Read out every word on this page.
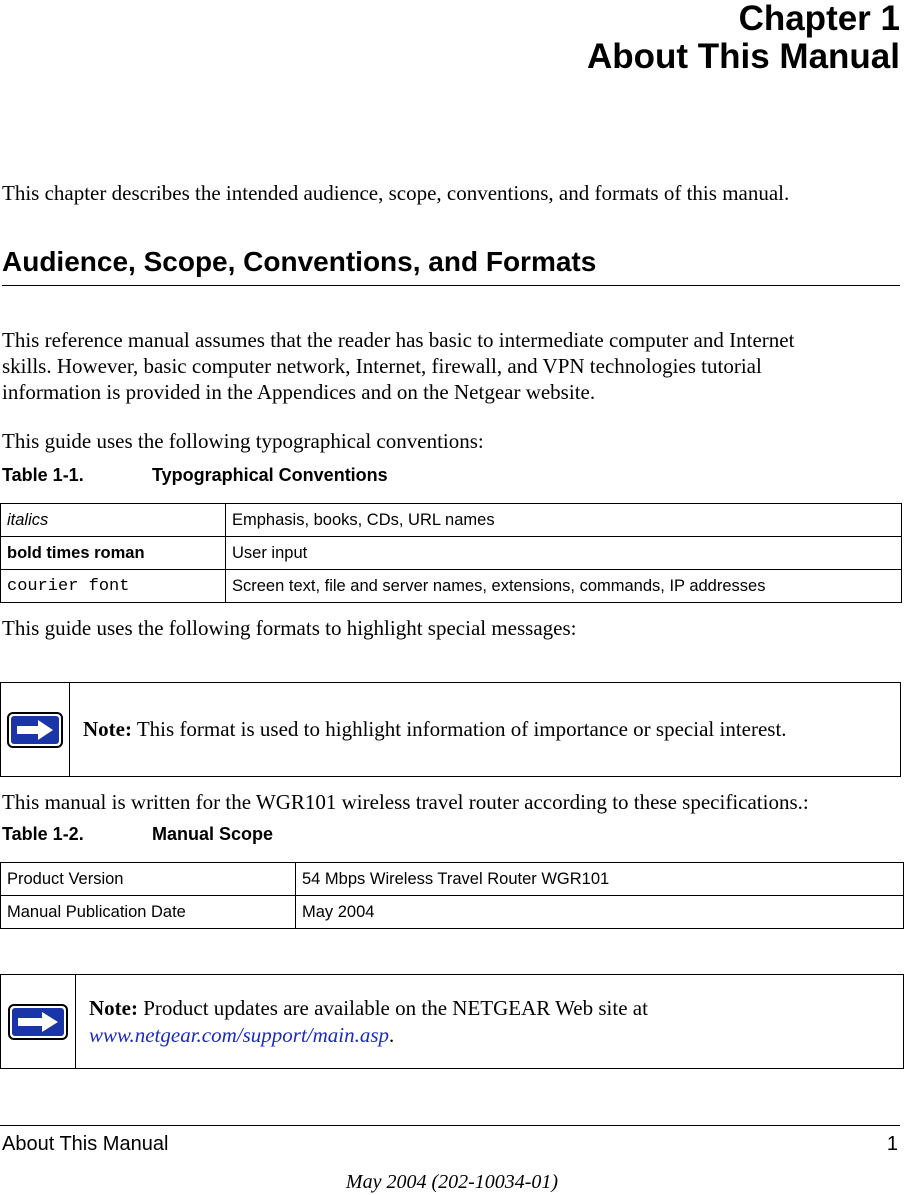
Chapter 1
About This Manual
This chapter describes the intended audience, scope, conventions, and formats of this manual.
Audience, Scope, Conventions, and Formats
This reference manual assumes that the reader has basic to intermediate computer and Internet
skills. However, basic computer network, Internet, firewall, and VPN technologies tutorial
information is provided in the Appendices and on the Netgear website.
This guide uses the following typographical conventions:
Table 1-1.	Typographical Conventions
italics	Emphasis, books, CDs, URL names
bold times roman	User input
courier font	Screen text, file and server names, extensions, commands, IP addresses
This guide uses the following formats to highlight special messages:
Note: This format is used to highlight information of importance or special interest.
This manual is written for the WGR101 wireless travel router according to these specifications.:
Table 1-2.	Manual Scope
Product Version	54 Mbps Wireless Travel Router WGR101
Manual Publication Date	May 2004
Note: Product updates are available on the NETGEAR Web site at
www.netgear.com/support/main.asp.
About This Manual	1
May 2004 (202-10034-01)
